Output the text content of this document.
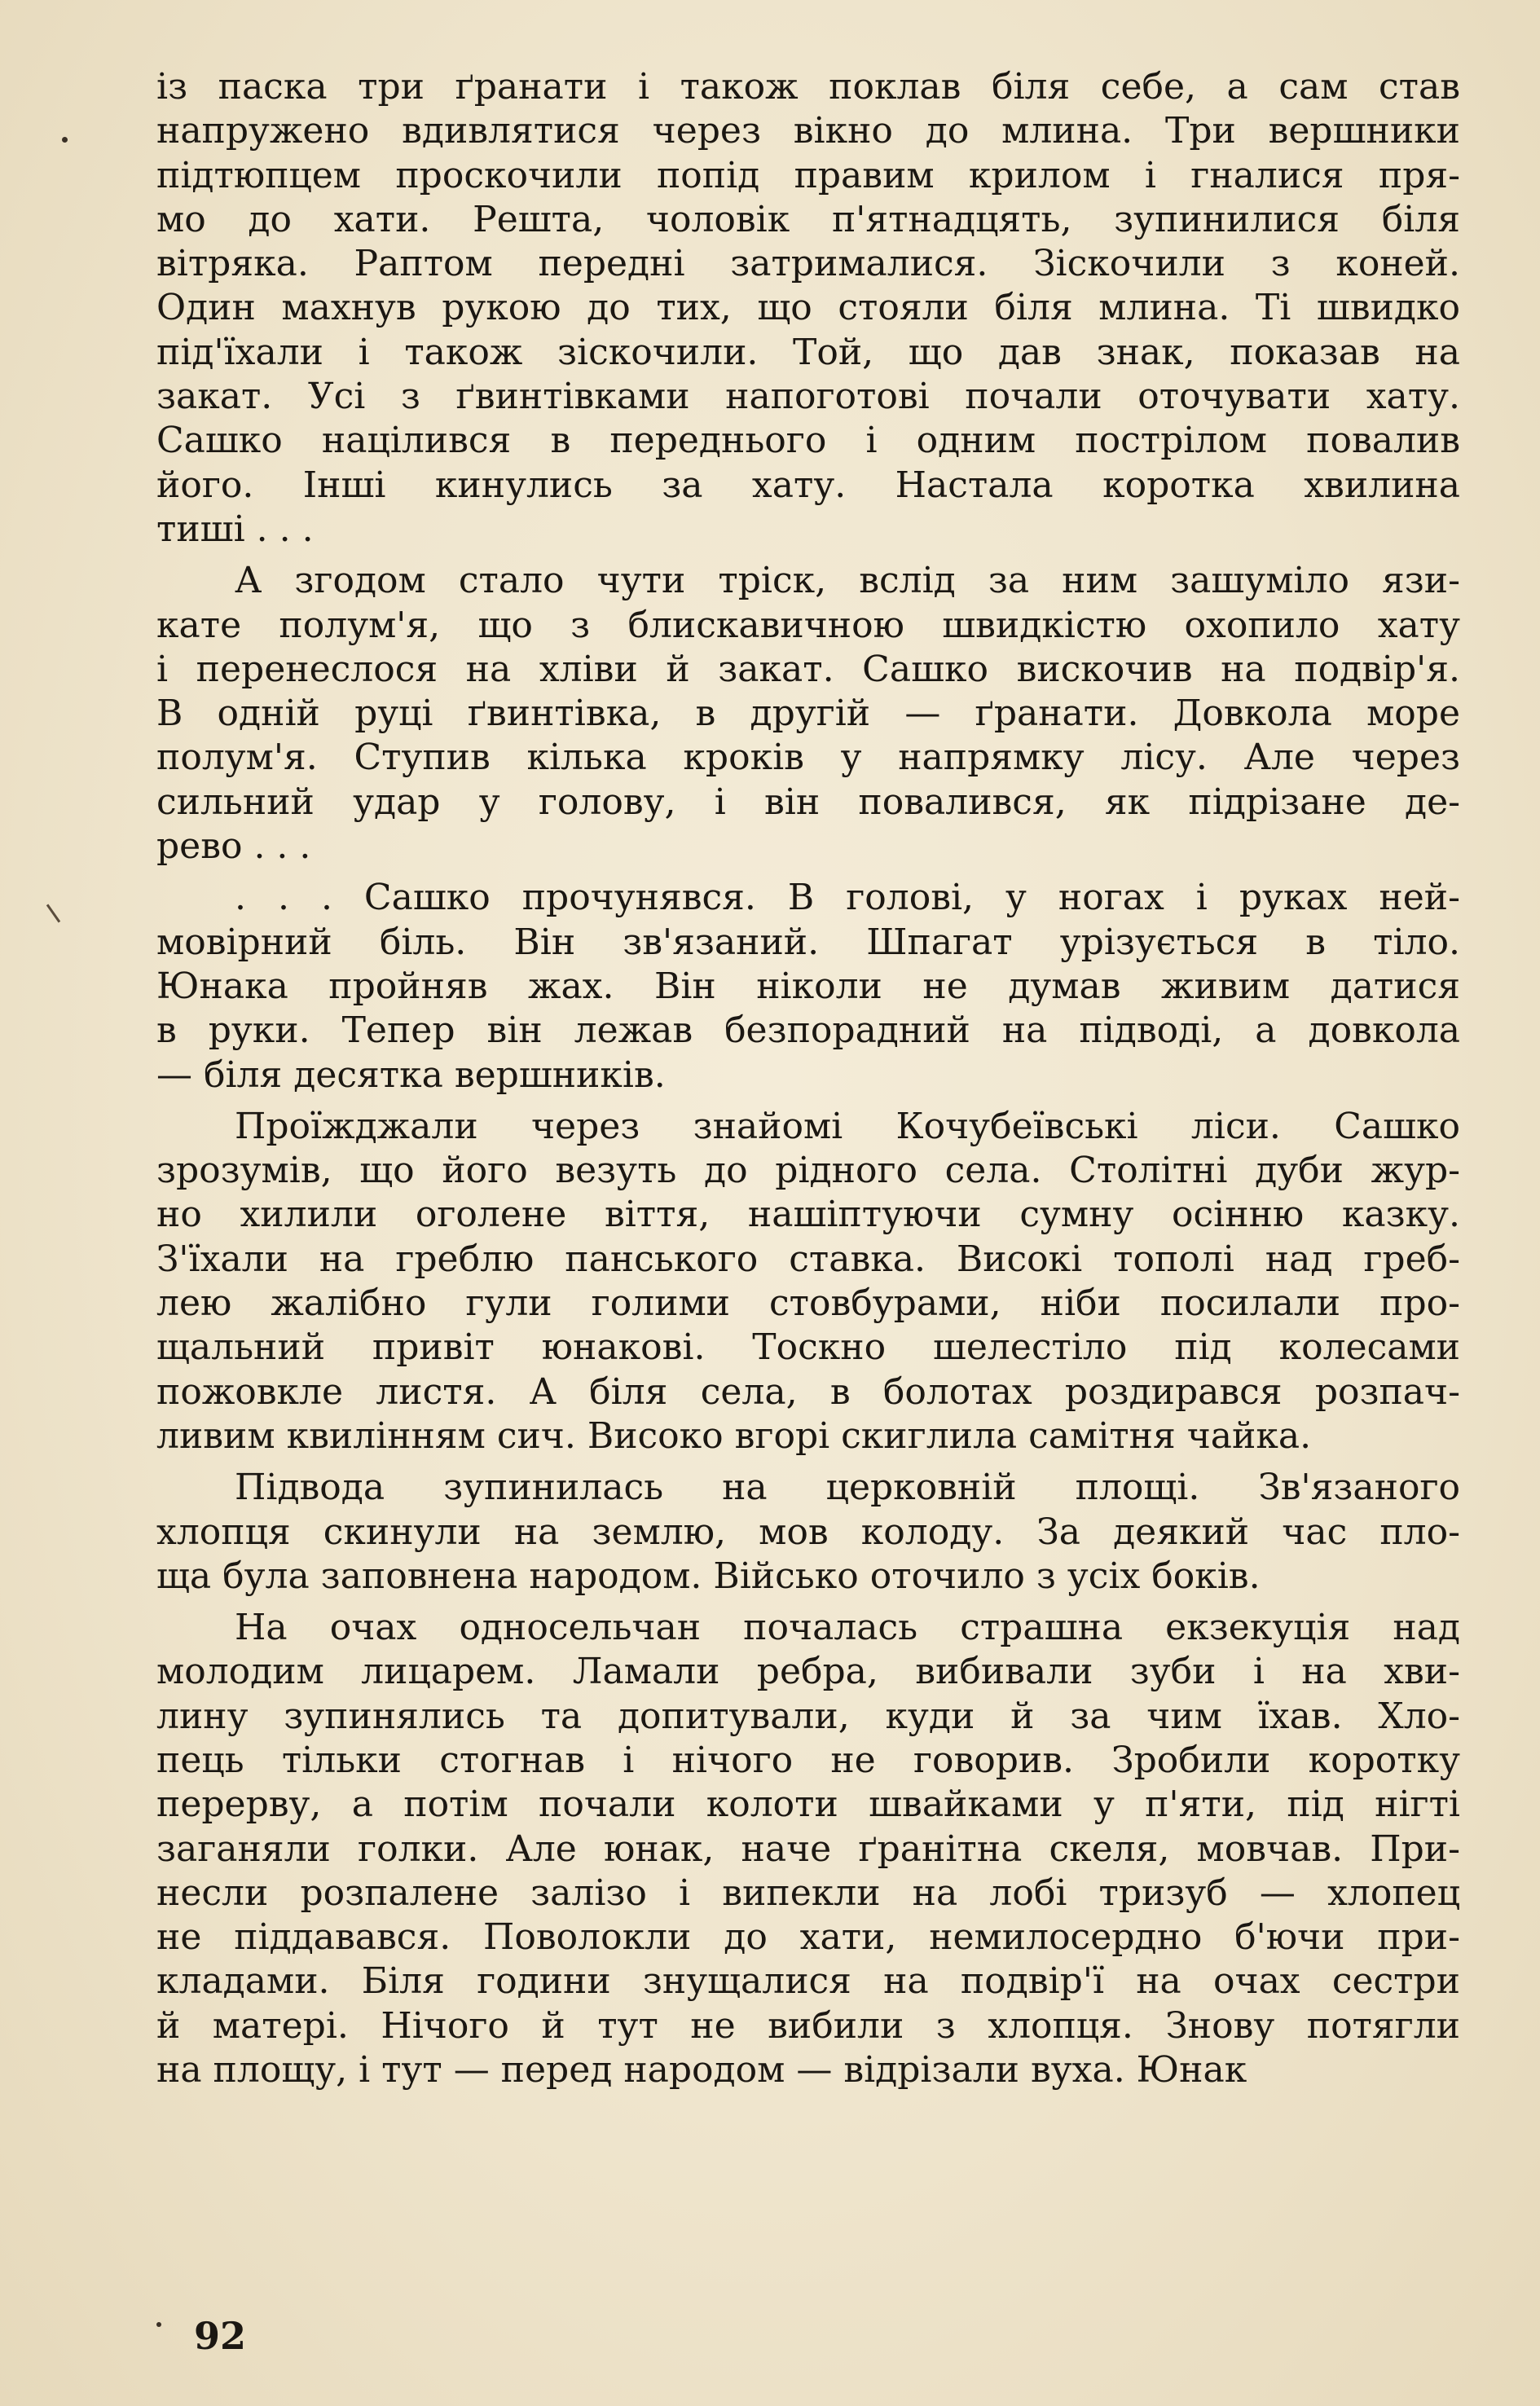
із паска три ґранати і також поклав біля себе, а сам став
напружено вдивлятися через вікно до млина. Три вершники
підтюпцем проскочили попід правим крилом і гналися пря-
мо до хати. Решта, чоловік п'ятнадцять, зупинилися біля
вітряка. Раптом передні затрималися. Зіскочили з коней.
Один махнув рукою до тих, що стояли біля млина. Ті швидко
під'їхали і також зіскочили. Той, що дав знак, показав на
закат. Усі з ґвинтівками напоготові почали оточувати хату.
Сашко націлився в переднього і одним пострілом повалив
його. Інші кинулись за хату. Настала коротка хвилина
тиші . . .
А згодом стало чути тріск, вслід за ним зашуміло язи-
кате полум'я, що з блискавичною швидкістю охопило хату
і перенеслося на хліви й закат. Сашко вискочив на подвір'я.
В одній руці ґвинтівка, в другій — ґранати. Довкола море
полум'я. Ступив кілька кроків у напрямку лісу. Але через
сильний удар у голову, і він повалився, як підрізане де-
рево . . .
. . . Сашко прочунявся. В голові, у ногах і руках ней-
мовірний біль. Він зв'язаний. Шпагат урізується в тіло.
Юнака пройняв жах. Він ніколи не думав живим датися
в руки. Тепер він лежав безпорадний на підводі, а довкола
— біля десятка вершників.
Проїжджали через знайомі Кочубеївські ліси. Сашко
зрозумів, що його везуть до рідного села. Столітні дуби жур-
но хилили оголене віття, нашіптуючи сумну осінню казку.
З'їхали на греблю панського ставка. Високі тополі над греб-
лею жалібно гули голими стовбурами, ніби посилали про-
щальний привіт юнакові. Тоскно шелестіло під колесами
пожовкле листя. А біля села, в болотах роздирався розпач-
ливим квилінням сич. Високо вгорі скиглила самітня чайка.
Підвода зупинилась на церковній площі. Зв'язаного
хлопця скинули на землю, мов колоду. За деякий час пло-
ща була заповнена народом. Військо оточило з усіх боків.
На очах односельчан почалась страшна екзекуція над
молодим лицарем. Ламали ребра, вибивали зуби і на хви-
лину зупинялись та допитували, куди й за чим їхав. Хло-
пець тільки стогнав і нічого не говорив. Зробили коротку
перерву, а потім почали колоти швайками у п'яти, під нігті
заганяли голки. Але юнак, наче ґранітна скеля, мовчав. При-
несли розпалене залізо і випекли на лобі тризуб — хлопец
не піддавався. Поволокли до хати, немилосердно б'ючи при-
кладами. Біля години знущалися на подвір'ї на очах сестри
й матері. Нічого й тут не вибили з хлопця. Знову потягли
на площу, і тут — перед народом — відрізали вуха. Юнак
92
